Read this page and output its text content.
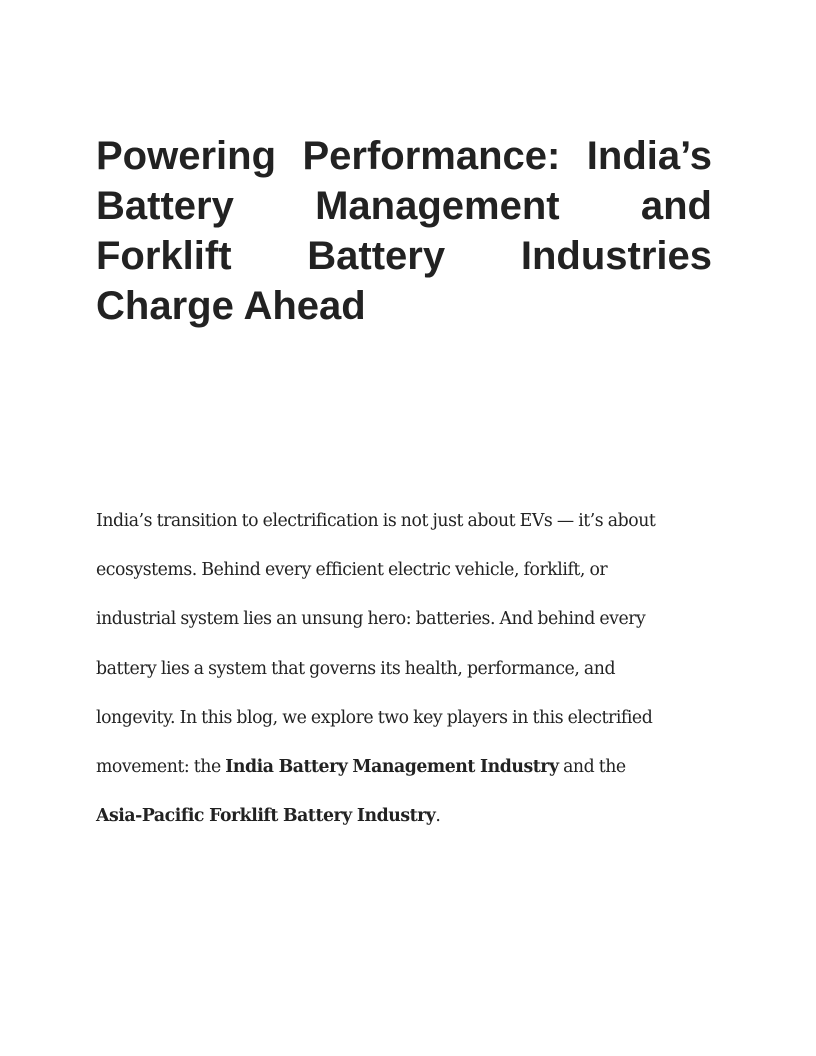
Powering Performance: India’s Battery Management and Forklift Battery Industries Charge Ahead

India’s transition to electrification is not just about EVs — it’s about
ecosystems. Behind every efficient electric vehicle, forklift, or
industrial system lies an unsung hero: batteries. And behind every
battery lies a system that governs its health, performance, and
longevity. In this blog, we explore two key players in this electrified
movement: the India Battery Management Industry and the
Asia-Pacific Forklift Battery Industry.
